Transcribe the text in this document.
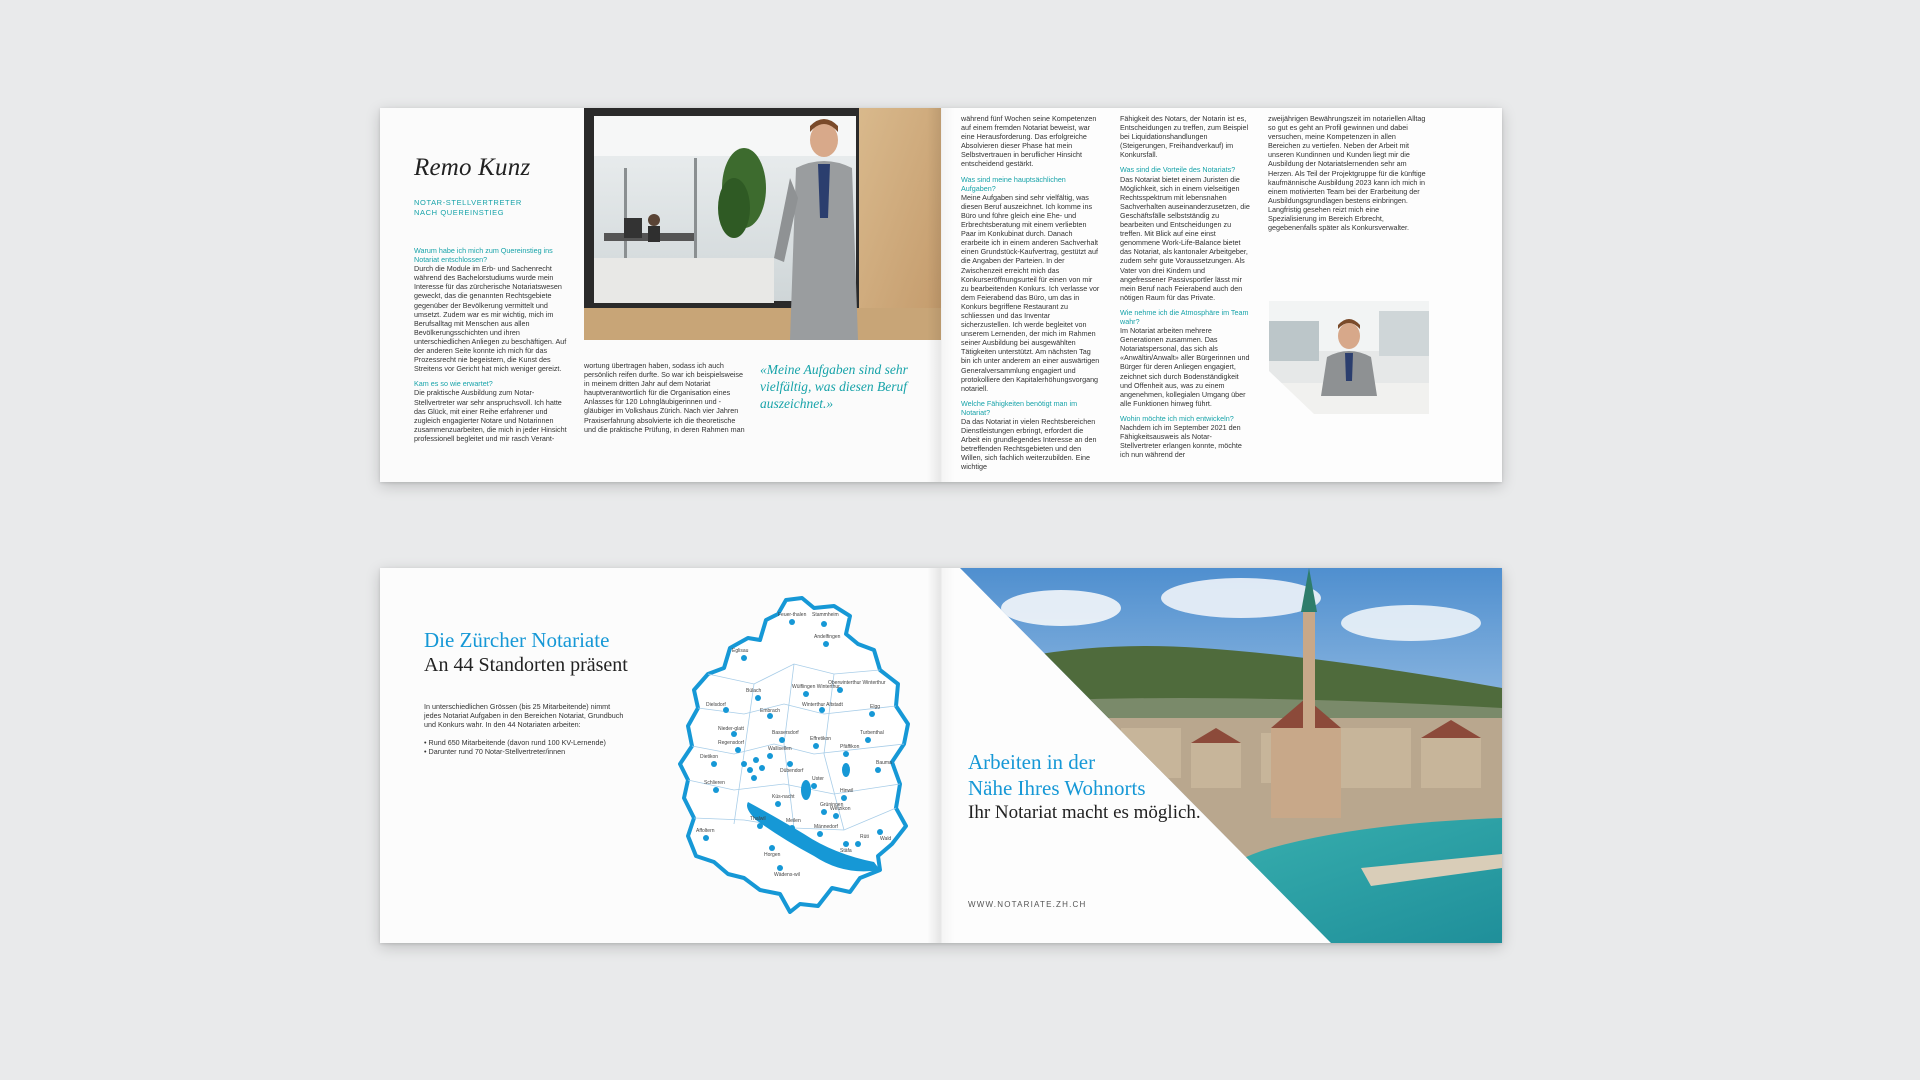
Remo Kunz
NOTAR-STELLVERTRETER
NACH QUEREINSTIEG
Warum habe ich mich zum Quereinstieg ins Notariat entschlossen?

Durch die Module im Erb- und Sachenrecht während des Bachelorstudiums wurde mein Interesse für das zürcherische Notariatswesen geweckt, das die genannten Rechtsgebiete gegenüber der Bevölkerung vermittelt und umsetzt. Zudem war es mir wichtig, mich im Berufsalltag mit Menschen aus allen Bevölkerungsschichten und ihren unterschiedlichen Anliegen zu beschäftigen. Auf der anderen Seite konnte ich mich für das Prozessrecht nie begeistern, die Kunst des Streitens vor Gericht hat mich weniger gereizt.

Kam es so wie erwartet?

Die praktische Ausbildung zum Notar-Stellvertreter war sehr anspruchsvoll. Ich hatte das Glück, mit einer Reihe erfahrener und zugleich engagierter Notare und Notarinnen zusammenzuarbeiten, die mich in jeder Hinsicht professionell begleitet und mir rasch Verant-

wortung übertragen haben, sodass ich auch persönlich reifen durfte. So war ich beispielsweise in meinem dritten Jahr auf dem Notariat hauptverantwortlich für die Organisation eines Anlasses für 120 Lohngläubigerinnen und -gläubiger im Volkshaus Zürich. Nach vier Jahren Praxiserfahrung absolvierte ich die theoretische und die praktische Prüfung, in deren Rahmen man

«Meine Aufgaben sind sehr vielfältig, was diesen Beruf auszeichnet.»

während fünf Wochen seine Kompetenzen auf einem fremden Notariat beweist, war eine Herausforderung. Das erfolgreiche Absolvieren dieser Phase hat mein Selbstvertrauen in beruflicher Hinsicht entscheidend gestärkt.

Was sind meine hauptsächlichen Aufgaben?

Meine Aufgaben sind sehr vielfältig, was diesen Beruf auszeichnet. Ich komme ins Büro und führe gleich eine Ehe- und Erbrechtsberatung mit einem verliebten Paar im Konkubinat durch. Danach erarbeite ich in einem anderen Sachverhalt einen Grundstück-Kaufvertrag, gestützt auf die Angaben der Parteien. In der Zwischenzeit erreicht mich das Konkurseröffnungsurteil für einen von mir zu bearbeitenden Konkurs. Ich verlasse vor dem Feierabend das Büro, um das in Konkurs begriffene Restaurant zu schliessen und das Inventar sicherzustellen. Ich werde begleitet von unserem Lernenden, der mich im Rahmen seiner Ausbildung bei ausgewählten Tätigkeiten unterstützt. Am nächsten Tag bin ich unter anderem an einer auswärtigen Generalversammlung engagiert und protokolliere den Kapitalerhöhungsvorgang notariell.

Welche Fähigkeiten benötigt man im Notariat?

Da das Notariat in vielen Rechtsbereichen Dienstleistungen erbringt, erfordert die Arbeit ein grundlegendes Interesse an den betreffenden Rechtsgebieten und den Willen, sich fachlich weiterzubilden. Eine wichtige

Fähigkeit des Notars, der Notarin ist es, Entscheidungen zu treffen, zum Beispiel bei Liquidationshandlungen (Steigerungen, Freihandverkauf) im Konkursfall.

Was sind die Vorteile des Notariats?

Das Notariat bietet einem Juristen die Möglichkeit, sich in einem vielseitigen Rechtsspektrum mit lebensnahen Sachverhalten auseinanderzusetzen, die Geschäftsfälle selbstständig zu bearbeiten und Entscheidungen zu treffen. Mit Blick auf eine einst genommene Work-Life-Balance bietet das Notariat, als kantonaler Arbeitgeber, zudem sehr gute Voraussetzungen. Als Vater von drei Kindern und angefressener Passivsportler lässt mir mein Beruf nach Feierabend auch den nötigen Raum für das Private.

Wie nehme ich die Atmosphäre im Team wahr?

Im Notariat arbeiten mehrere Generationen zusammen. Das Notariatspersonal, das sich als «Anwältin/Anwalt» aller Bürgerinnen und Bürger für deren Anliegen engagiert, zeichnet sich durch Bodenständigkeit und Offenheit aus, was zu einem angenehmen, kollegialen Umgang über alle Funktionen hinweg führt.

Wohin möchte ich mich entwickeln?

Nachdem ich im September 2021 den Fähigkeitsausweis als Notar-Stellvertreter erlangen konnte, möchte ich nun während der

zweijährigen Bewährungszeit im notariellen Alltag so gut es geht an Profil gewinnen und dabei versuchen, meine Kompetenzen in allen Bereichen zu vertiefen. Neben der Arbeit mit unseren Kundinnen und Kunden liegt mir die Ausbildung der Notariatslernenden sehr am Herzen. Als Teil der Projektgruppe für die künftige kaufmännische Ausbildung 2023 kann ich mich in einem motivierten Team bei der Erarbeitung der Ausbildungsgrundlagen bestens einbringen. Langfristig gesehen reizt mich eine Spezialisierung im Bereich Erbrecht, gegebenenfalls später als Konkursverwalter.

Die Zürcher Notariate
An 44 Standorten präsent

In unterschiedlichen Grössen (bis 25 Mitarbeitende) nimmt jedes Notariat Aufgaben in den Bereichen Notariat, Grundbuch und Konkurs wahr. In den 44 Notariaten arbeiten:

• Rund 650 Mitarbeitende (davon rund 100 KV-Lernende)
• Darunter rund 70 Notar-Stellvertreter/innen
Stammheim
Andelfingen
Eglisau
Feuer-thalen
Bülach
Wülflingen Winterthur
Oberwinterthur Winterthur
Dielsdorf
Embrach
Winterthur Altstadt	Elgg
Nieder-glatt
Bassersdorf	Turbenthal
Regensdorf
Wallisellen
Dübendorf
Effretikon
Dietikon
Pfäffikon
Schlieren
Uster
Bauma
Affoltern
Küs-nacht
Thalwil	Meilen
Hinwil
Männedorf
Wetzikon
Rüti
Grüningen
Stäfa
Horgen
Wädens-wil
Wald
Arbeiten in der
Nähe Ihres Wohnorts
Ihr Notariat macht es möglich.
WWW.NOTARIATE.ZH.CH
